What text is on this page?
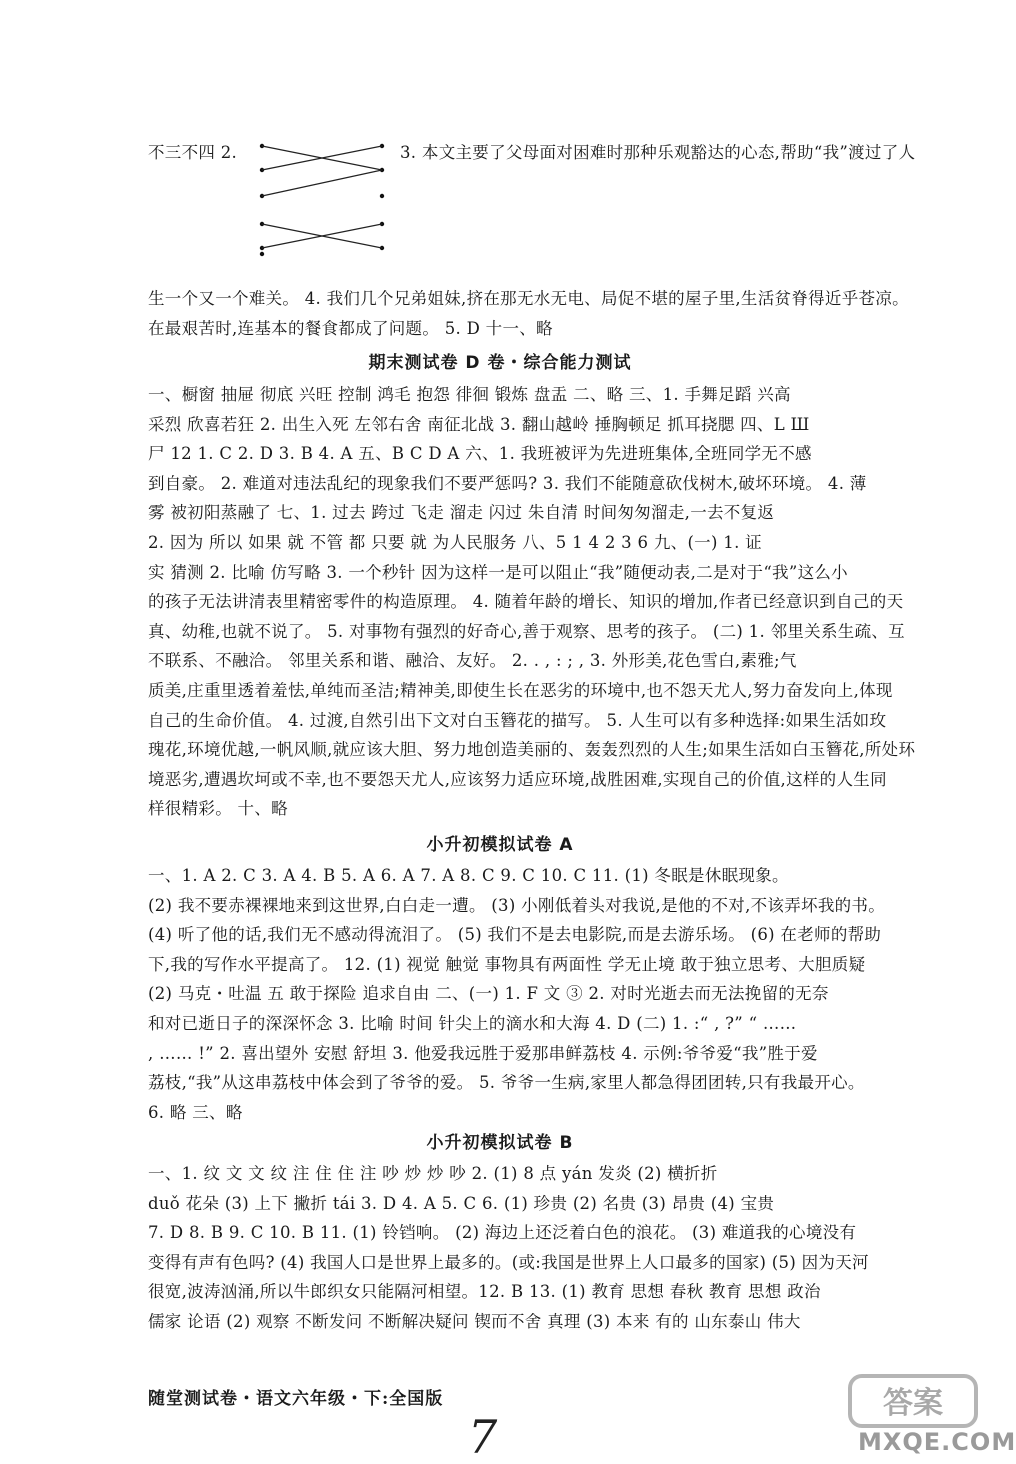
不三不四 2.	3. 本文主要了父母面对困难时那种乐观豁达的心态,帮助“我”渡过了人
生一个又一个难关。 4. 我们几个兄弟姐妹,挤在那无水无电、局促不堪的屋子里,生活贫脊得近乎苍凉。
在最艰苦时,连基本的餐食都成了问题。 5. D 十一、略
期末测试卷 D 卷・综合能力测试
一、橱窗 抽屉 彻底 兴旺 控制 鸿毛 抱怨 徘徊 锻炼 盘盂 二、略 三、1. 手舞足蹈 兴高
采烈 欣喜若狂 2. 出生入死 左邻右舍 南征北战 3. 翻山越岭 捶胸顿足 抓耳挠腮 四、L Ш
尸 12 1. C 2. D 3. B 4. A 五、B C D A 六、1. 我班被评为先进班集体,全班同学无不感
到自豪。 2. 难道对违法乱纪的现象我们不要严惩吗? 3. 我们不能随意砍伐树木,破坏环境。 4. 薄
雾 被初阳蒸融了 七、1. 过去 跨过 飞走 溜走 闪过 朱自清 时间匆匆溜走,一去不复返
2. 因为 所以 如果 就 不管 都 只要 就 为人民服务 八、5 1 4 2 3 6 九、(一) 1. 证
实 猜测 2. 比喻 仿写略 3. 一个秒针 因为这样一是可以阻止“我”随便动表,二是对于“我”这么小
的孩子无法讲清表里精密零件的构造原理。 4. 随着年龄的增长、知识的增加,作者已经意识到自己的天
真、幼稚,也就不说了。 5. 对事物有强烈的好奇心,善于观察、思考的孩子。 (二) 1. 邻里关系生疏、互
不联系、不融洽。 邻里关系和谐、融洽、友好。 2. . , : ; , 3. 外形美,花色雪白,素雅;气
质美,庄重里透着羞怯,单纯而圣洁;精神美,即使生长在恶劣的环境中,也不怨天尤人,努力奋发向上,体现
自己的生命价值。 4. 过渡,自然引出下文对白玉簪花的描写。 5. 人生可以有多种选择:如果生活如玫
瑰花,环境优越,一帆风顺,就应该大胆、努力地创造美丽的、轰轰烈烈的人生;如果生活如白玉簪花,所处环
境恶劣,遭遇坎坷或不幸,也不要怨天尤人,应该努力适应环境,战胜困难,实现自己的价值,这样的人生同
样很精彩。 十、略
小升初模拟试卷 A
一、1. A 2. C 3. A 4. B 5. A 6. A 7. A 8. C 9. C 10. C 11. (1) 冬眠是休眠现象。
(2) 我不要赤裸裸地来到这世界,白白走一遭。 (3) 小刚低着头对我说,是他的不对,不该弄坏我的书。
(4) 听了他的话,我们无不感动得流泪了。 (5) 我们不是去电影院,而是去游乐场。 (6) 在老师的帮助
下,我的写作水平提高了。 12. (1) 视觉 触觉 事物具有两面性 学无止境 敢于独立思考、大胆质疑
(2) 马克・吐温 五 敢于探险 追求自由 二、(一) 1. F 文 ③ 2. 对时光逝去而无法挽留的无奈
和对已逝日子的深深怀念 3. 比喻 时间 针尖上的滴水和大海 4. D (二) 1. :“ , ?” “ ……
, …… !” 2. 喜出望外 安慰 舒坦 3. 他爱我远胜于爱那串鲜荔枝 4. 示例:爷爷爱“我”胜于爱
荔枝,“我”从这串荔枝中体会到了爷爷的爱。 5. 爷爷一生病,家里人都急得团团转,只有我最开心。
6. 略 三、略
小升初模拟试卷 B
一、1. 纹 文 文 纹 注 住 住 注 吵 炒 炒 吵 2. (1) 8 点 yán 发炎 (2) 横折折
duǒ 花朵 (3) 上下 撇折 tái 3. D 4. A 5. C 6. (1) 珍贵 (2) 名贵 (3) 昂贵 (4) 宝贵
7. D 8. B 9. C 10. B 11. (1) 铃铛响。 (2) 海边上还泛着白色的浪花。 (3) 难道我的心境没有
变得有声有色吗? (4) 我国人口是世界上最多的。(或:我国是世界上人口最多的国家) (5) 因为天河
很宽,波涛汹涌,所以牛郎织女只能隔河相望。12. B 13. (1) 教育 思想 春秋 教育 思想 政治
儒家 论语 (2) 观察 不断发问 不断解决疑问 锲而不舍 真理 (3) 本来 有的 山东泰山 伟大
随堂测试卷・语文六年级・下:全国版
7
答案
MXQE.COM
